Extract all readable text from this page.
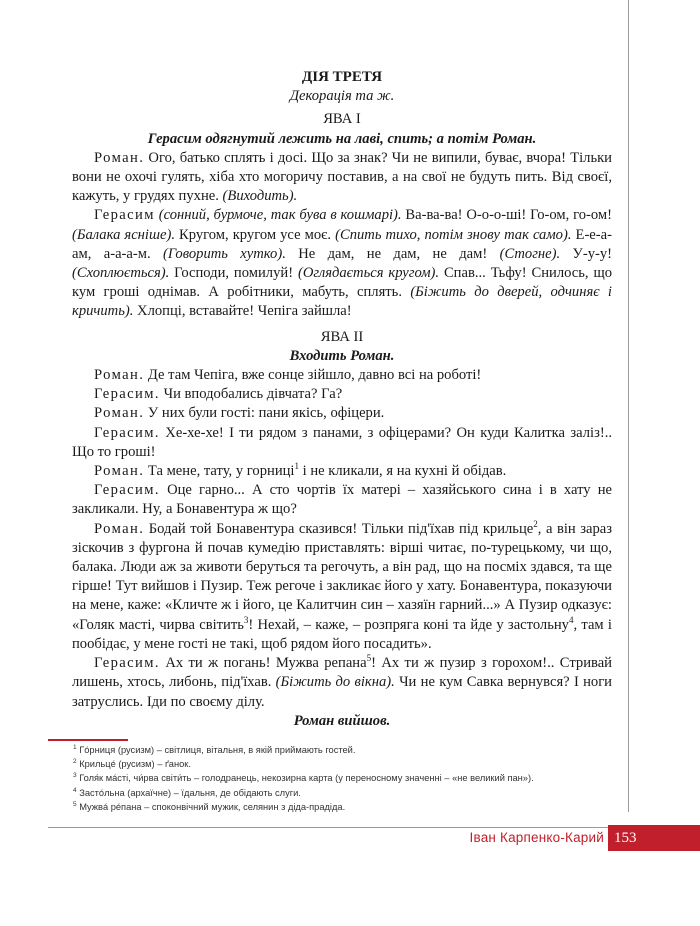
ДІЯ ТРЕТЯ
Декорація та ж.
ЯВА І
Герасим одягнутий лежить на лаві, спить; а потім Роман.

Роман. Ого, батько сплять і досі. Що за знак? Чи не випили, буває, вчора! Тільки вони не охочі гулять, хіба хто могоричу поставив, а на свої не будуть пить. Від своєї, кажуть, у грудях пухне. (Виходить).

Герасим (сонний, бурмоче, так бува в кошмарі). Ва-ва-ва! О-о-о-ші! Го-ом, го-ом! (Балака ясніше). Кругом, кругом усе моє. (Спить тихо, потім знову так само). Е-е-а-ам, а-а-а-м. (Говорить хутко). Не дам, не дам, не дам! (Стогне). У-у-у! (Схоплюється). Господи, помилуй! (Оглядається кругом). Спав... Тьфу! Снилось, що кум гроші однімав. А робітники, мабуть, сплять. (Біжить до дверей, одчиняє і кричить). Хлопці, вставайте! Чепіга зайшла!

ЯВА ІІ
Входить Роман.

Роман. Де там Чепіга, вже сонце зійшло, давно всі на роботі!

Герасим. Чи вподобались дівчата? Га?

Роман. У них були гості: пани якісь, офіцери.

Герасим. Хе-хе-хе! І ти рядом з панами, з офіцерами? Он куди Калитка заліз!.. Що то гроші!

Роман. Та мене, тату, у горниці$^1$ і не кликали, я на кухні й обідав.

Герасим. Оце гарно... А сто чортів їх матері – хазяйського сина і в хату не закликали. Ну, а Бонавентура ж що?

Роман. Бодай той Бонавентура сказився! Тільки під'їхав під крильце$^2$, а він зараз зіскочив з фургона й почав кумедію приставлять: вірші читає, по-турецькому, чи що, балака. Люди аж за животи беруться та регочуть, а він рад, що на посміх здався, та ще гірше! Тут вийшов і Пузир. Теж регоче і закликає його у хату. Бонавентура, показуючи на мене, каже: «Кличте ж і його, це Калитчин син – хазяїн гарний...» А Пузир одказує: «Голяк масті, чирва світить$^3$! Нехай, – каже, – розпряга коні та йде у застольну$^4$, там і пообідає, у мене гості не такі, щоб рядом його посадить».

Герасим. Ах ти ж погань! Мужва репана$^5$! Ах ти ж пузир з горохом!.. Стривай лишень, хтось, либонь, під'їхав. (Біжить до вікна). Чи не кум Савка вернувся? І ноги затруслись. Іди по своєму ділу.

Роман вийшов.
$^1$ Гóрниця (русизм) – світлиця, вітальня, в якій приймають гостей.
$^2$ Крильцé (русизм) – ґанок.
$^3$ Голя́к мáсті, чи́рва світи́ть – голодранець, некозирна карта (у переносному значенні – «не великий пан»).
$^4$ Застóльна (архаїчне) – їдальня, де обідають слуги.
$^5$ Мужвá рéпана – споконвічний мужик, селянин з діда-прадіда.
Іван Карпенко-Карий 153
